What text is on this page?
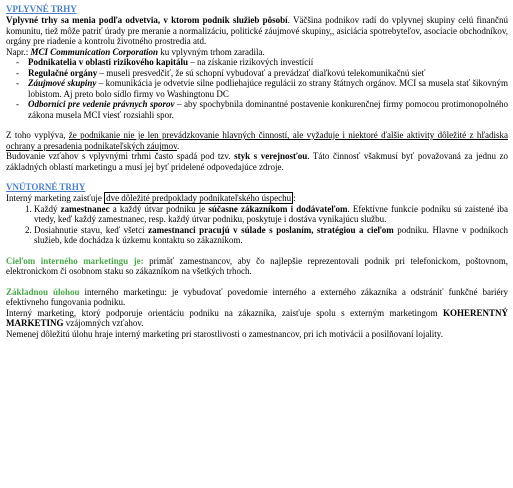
VPLYVNÉ TRHY
Vplyvné trhy sa menia podľa odvetvia, v ktorom podnik služieb pôsobí. Väčšina podnikov radí do vplyvnej skupiny celú finančnú komunitu, tiež môže patriť úrady pre meranie a normalizáciu, politické záujmové skupiny,, asiciácia spotrebyteľov, asociacie obchodníkov, orgány pre riadenie a kontrolu životného prostredia atd.
Napr.: MCI Communication Corporation ku vplyvným trhom zaradila.
- Podnikatelia v oblasti rizikového kapitálu – na získanie rizikových investícií
- Regulačné orgány – museli presvedčiť, že sú schopní vybudovať a prevádzať diaľkovú telekomunikačnú sieť
- Záujmové skupiny – komunikácia je odvetvie silne podliehajúce regulácii zo strany štátnych orgánov. MCI sa musela stať šikovným lobistom. Aj preto bolo sídlo firmy vo Washingtonu DC
- Odborníci pre vedenie právnych sporov – aby spochybnila dominantné postavenie konkurenčnej firmy pomocou protimonopolného zákona musela MCI viesť rozsiahli spor.
Z toho vyplýva, že podnikanie nie je len prevádzkovanie hlavných činností, ale vyžaduje i niektoré ďalšie aktivity dôležité z hľadiska ochrany a presadenia podnikateľských záujmov.
Budovanie vzťahov s vplyvnými trhmi často spadá pod tzv. styk s verejnosťou. Táto činnosť všakmusí byť považovaná za jednu zo základných oblastí marketingu a musí jej byť pridelené odpovedajúce zdroje.
VNÚTORNÉ TRHY
Interný marketing zaisťuje dve dôležité predpoklady podnikateľského úspechu :
1. Každý zamestnanec a každý útvar podniku je súčasne zákazníkom i dodávateľom. Efektívne funkcie podniku sú zaistené iba vtedy, keď každý zamestnanec, resp. každý útvar podniku, poskytuje i dostáva vynikajúcu službu.
2. Dosiahnutie stavu, keď všetci zamestnanci pracujú v súlade s poslaním, stratégiou a cieľom podniku. Hlavne v podnikoch služieb, kde dochádza k úzkemu kontaktu so zákazníkom.
Cieľom interného marketingu je: primäť zamestnancov, aby čo najlepšie reprezentovali podnik pri telefonickom, poštovnom, elektronickom či osobnom staku so zákazníkom na všetkých trhoch.
Základnou úlohou interného marketingu: je vybudovať povedomie interného a externého zákazníka a odstrániť funkčné bariéry efektívneho fungovania podniku.
Interný marketing, ktorý podporuje orientáciu podniku na zákazníka, zaisťuje spolu s externým marketingom KOHERENTNÝ MARKETING vzájomných vzťahov.
Nemenej dôležitú úlohu hraje interný marketing pri starostlivosti o zamestnancov, pri ich motivácii a posilňovaní lojality.
